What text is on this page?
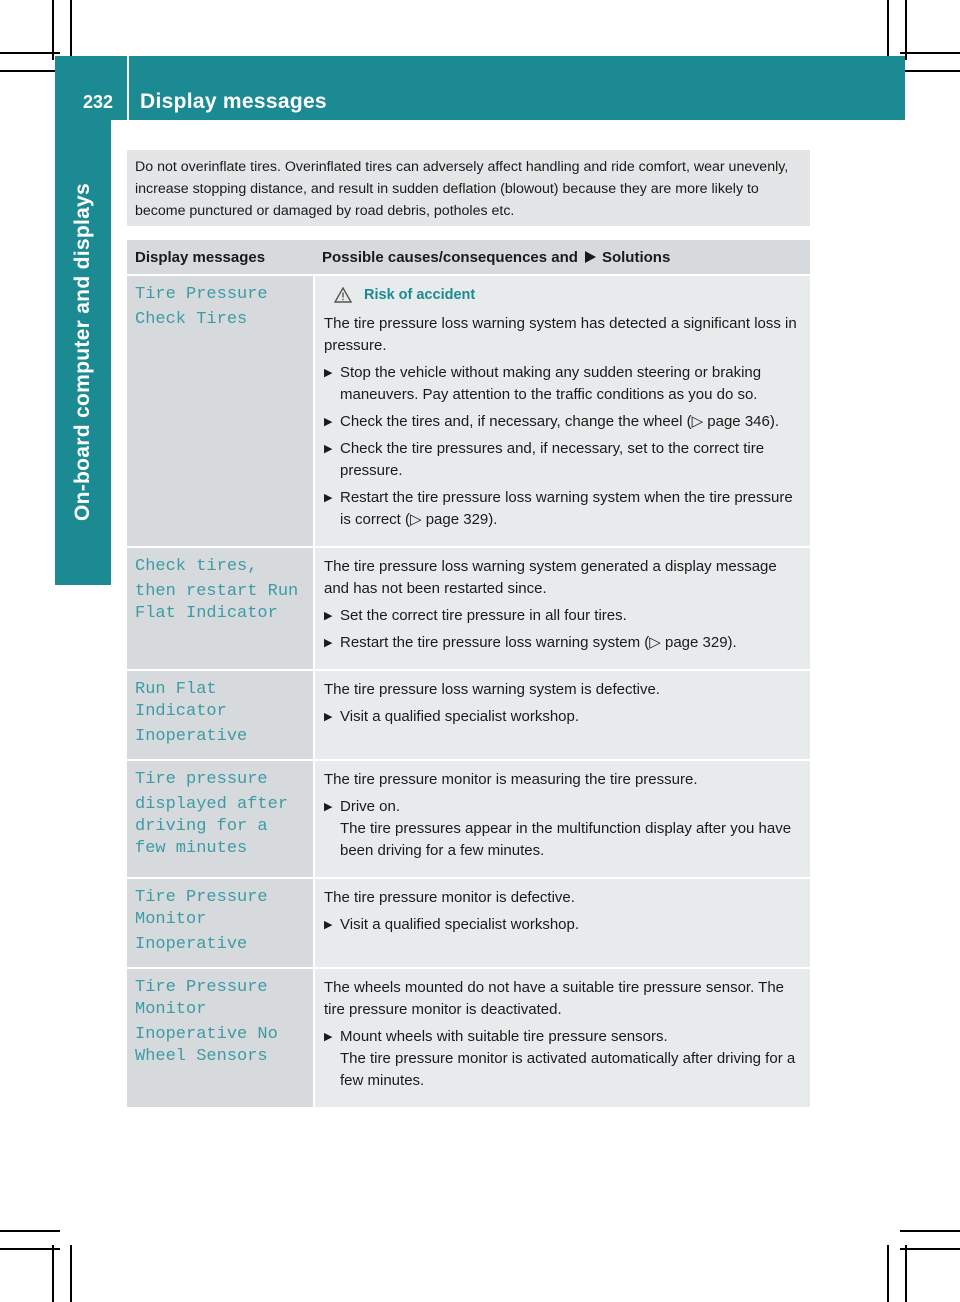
232 Display messages
On-board computer and displays
Do not overinflate tires. Overinflated tires can adversely affect handling and ride comfort, wear unevenly, increase stopping distance, and result in sudden deflation (blowout) because they are more likely to become punctured or damaged by road debris, potholes etc.
Display messages	Possible causes/consequences and Solutions
Tire Pressure
Check Tires
Risk of accident
The tire pressure loss warning system has detected a significant loss in pressure.
▶ Stop the vehicle without making any sudden steering or braking maneuvers. Pay attention to the traffic conditions as you do so.
▶ Check the tires and, if necessary, change the wheel (▷ page 346).
▶ Check the tire pressures and, if necessary, set to the correct tire pressure.
▶ Restart the tire pressure loss warning system when the tire pressure is correct (▷ page 329).
Check tires,
then restart Run Flat Indicator
The tire pressure loss warning system generated a display message and has not been restarted since.
▶ Set the correct tire pressure in all four tires.
▶ Restart the tire pressure loss warning system (▷ page 329).
Run Flat Indicator
Inoperative
The tire pressure loss warning system is defective.
▶ Visit a qualified specialist workshop.
Tire pressure
displayed after driving for a few minutes
The tire pressure monitor is measuring the tire pressure.
▶ Drive on.
The tire pressures appear in the multifunction display after you have been driving for a few minutes.
Tire Pressure Monitor
Inoperative
The tire pressure monitor is defective.
▶ Visit a qualified specialist workshop.
Tire Pressure Monitor
Inoperative No Wheel Sensors
The wheels mounted do not have a suitable tire pressure sensor. The tire pressure monitor is deactivated.
▶ Mount wheels with suitable tire pressure sensors.
The tire pressure monitor is activated automatically after driving for a few minutes.
